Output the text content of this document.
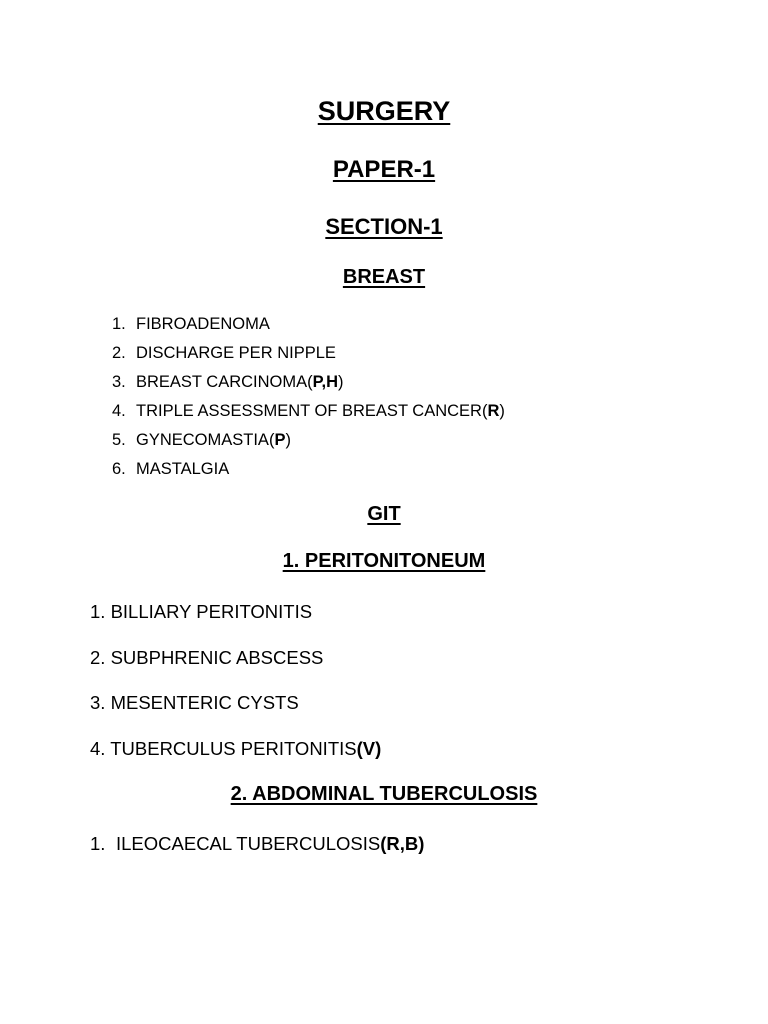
SURGERY
PAPER-1
SECTION-1
BREAST
1. FIBROADENOMA
2. DISCHARGE PER NIPPLE
3. BREAST CARCINOMA(P,H)
4. TRIPLE ASSESSMENT OF BREAST CANCER(R)
5. GYNECOMASTIA(P)
6. MASTALGIA
GIT
1. PERITONITONEUM
1. BILLIARY PERITONITIS
2. SUBPHRENIC ABSCESS
3. MESENTERIC CYSTS
4. TUBERCULUS PERITONITIS(V)
2. ABDOMINAL TUBERCULOSIS
1. ILEOCAECAL TUBERCULOSIS(R,B)
